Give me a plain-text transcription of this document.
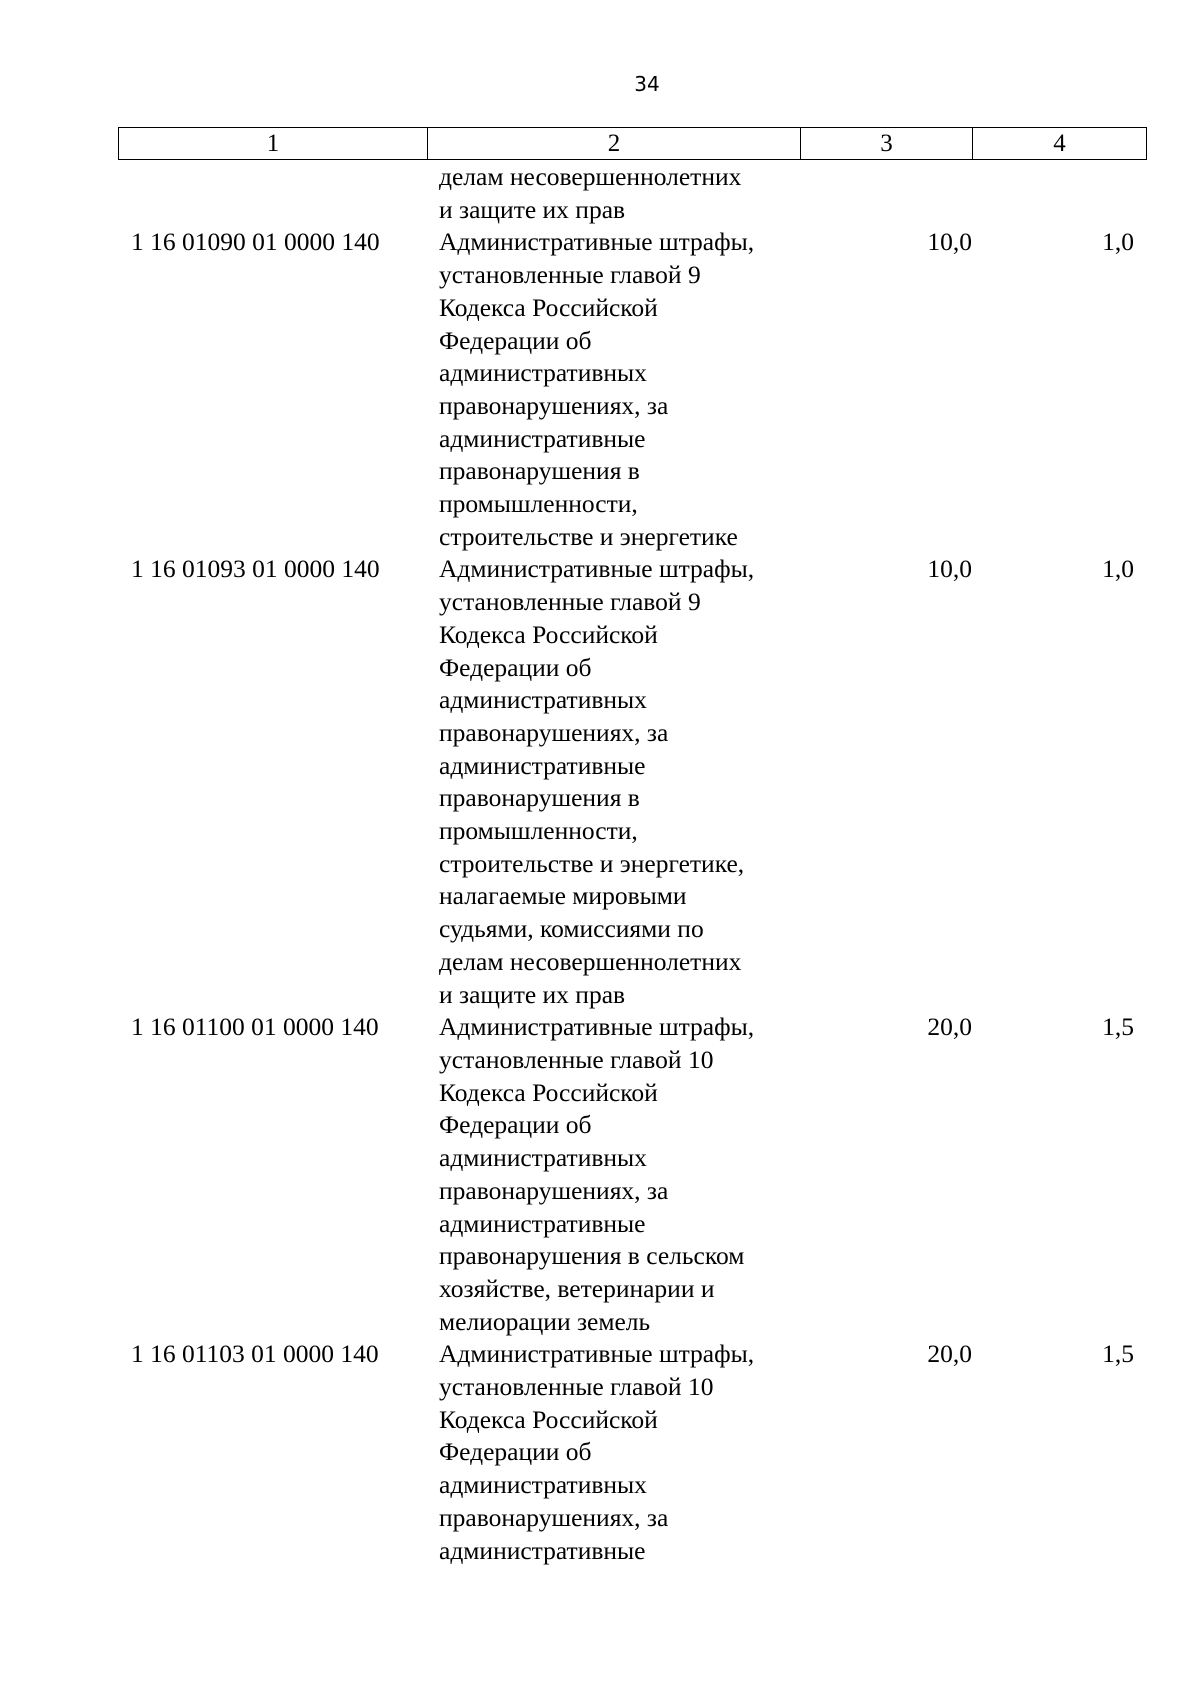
34
1	2	3	4
делам несовершеннолетних
и защите их прав
1 16 01090 01 0000 140	Административные штрафы,
установленные главой 9
Кодекса Российской
Федерации об
административных
правонарушениях, за
административные
правонарушения в
промышленности,
строительстве и энергетике
10,0	1,0
1 16 01093 01 0000 140	Административные штрафы,
установленные главой 9
Кодекса Российской
Федерации об
административных
правонарушениях, за
административные
правонарушения в
промышленности,
строительстве и энергетике,
налагаемые мировыми
судьями, комиссиями по
делам несовершеннолетних
и защите их прав
10,0	1,0
1 16 01100 01 0000 140	Административные штрафы,
установленные главой 10
Кодекса Российской
Федерации об
административных
правонарушениях, за
административные
правонарушения в сельском
хозяйстве, ветеринарии и
мелиорации земель
20,0	1,5
1 16 01103 01 0000 140	Административные штрафы,
установленные главой 10
Кодекса Российской
Федерации об
административных
правонарушениях, за
административные
20,0	1,5
